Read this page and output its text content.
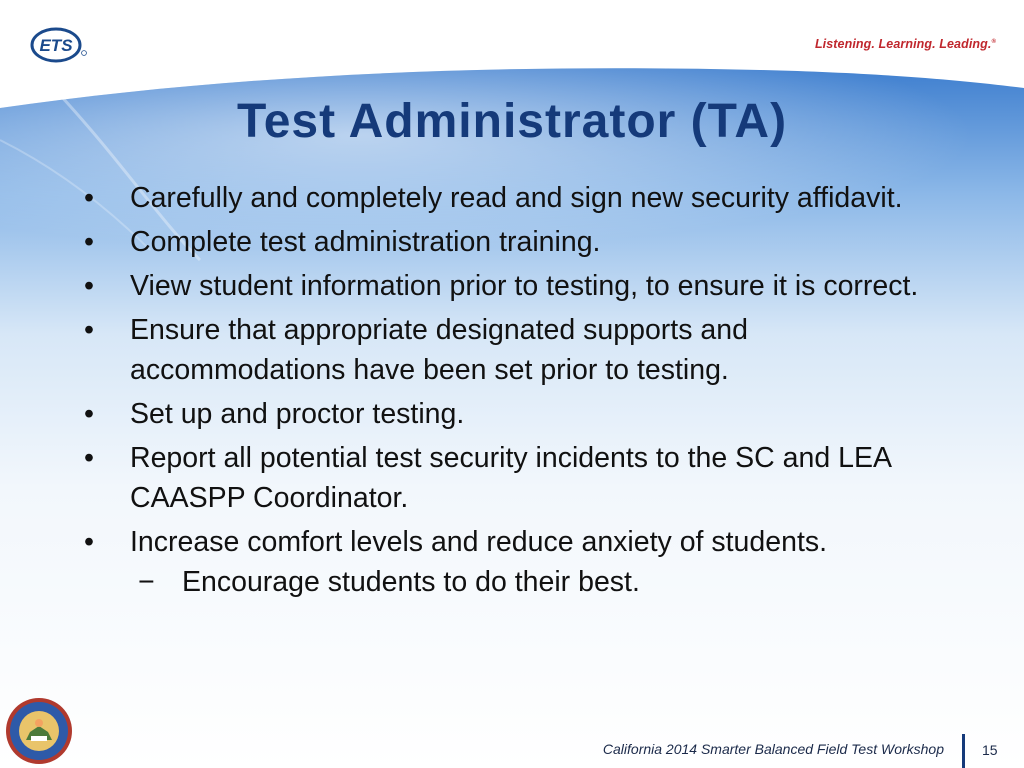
ETS	Listening. Learning. Leading.®
Test Administrator (TA)
• Carefully and completely read and sign new security affidavit.
• Complete test administration training.
• View student information prior to testing, to ensure it is correct.
• Ensure that appropriate designated supports and accommodations have been set prior to testing.
• Set up and proctor testing.
• Report all potential test security incidents to the SC and LEA CAASPP Coordinator.
• Increase comfort levels and reduce anxiety of students.
− Encourage students to do their best.
California 2014 Smarter Balanced Field Test Workshop	15
